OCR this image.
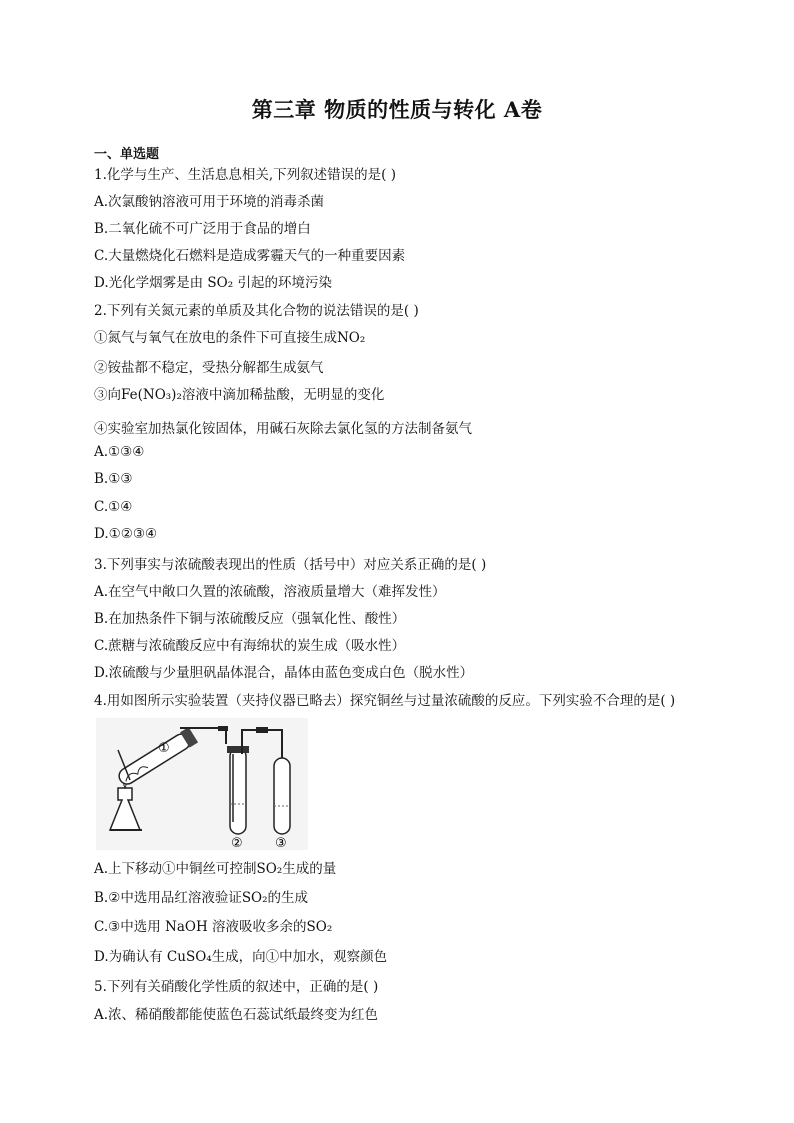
第三章 物质的性质与转化 A卷
一、单选题
1.化学与生产、生活息息相关,下列叙述错误的是( )
A.次氯酸钠溶液可用于环境的消毒杀菌
B.二氧化硫不可广泛用于食品的增白
C.大量燃烧化石燃料是造成雾霾天气的一种重要因素
D.光化学烟雾是由 SO₂ 引起的环境污染
2.下列有关氮元素的单质及其化合物的说法错误的是( )
①氮气与氧气在放电的条件下可直接生成NO₂
②铵盐都不稳定，受热分解都生成氨气
③向Fe(NO₃)₂溶液中滴加稀盐酸，无明显的变化
④实验室加热氯化铵固体，用碱石灰除去氯化氢的方法制备氨气
A.①③④
B.①③
C.①④
D.①②③④
3.下列事实与浓硫酸表现出的性质（括号中）对应关系正确的是( )
A.在空气中敞口久置的浓硫酸，溶液质量增大（难挥发性）
B.在加热条件下铜与浓硫酸反应（强氧化性、酸性）
C.蔗糖与浓硫酸反应中有海绵状的炭生成（吸水性）
D.浓硫酸与少量胆矾晶体混合，晶体由蓝色变成白色（脱水性）
4.用如图所示实验装置（夹持仪器已略去）探究铜丝与过量浓硫酸的反应。下列实验不合理的是( )
①
② ③
A.上下移动①中铜丝可控制SO₂生成的量
B.②中选用品红溶液验证SO₂的生成
C.③中选用 NaOH 溶液吸收多余的SO₂
D.为确认有 CuSO₄生成，向①中加水，观察颜色
5.下列有关硝酸化学性质的叙述中，正确的是( )
A.浓、稀硝酸都能使蓝色石蕊试纸最终变为红色
